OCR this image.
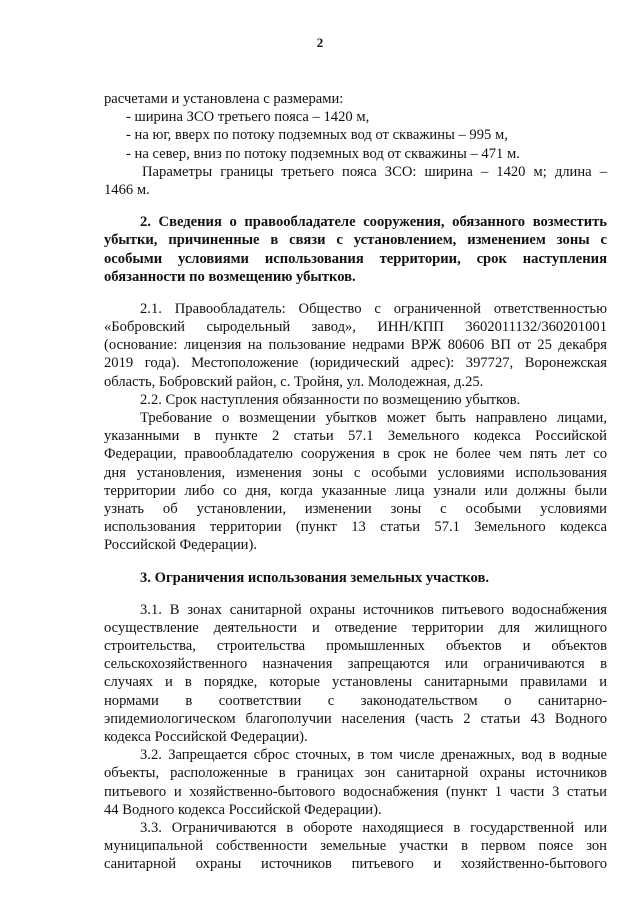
2
расчетами и установлена с размерами:
- ширина ЗСО третьего пояса – 1420 м,
- на юг, вверх по потоку подземных вод от скважины – 995 м,
- на север, вниз по потоку подземных вод от скважины – 471 м.
Параметры границы третьего пояса ЗСО: ширина – 1420 м; длина –
1466 м.
2. Сведения о правообладателе сооружения, обязанного возместить
убытки, причиненные в связи с установлением, изменением зоны с
особыми условиями использования территории, срок наступления
обязанности по возмещению убытков.
2.1. Правообладатель: Общество с ограниченной ответственностью
«Бобровский сыродельный завод», ИНН/КПП 3602011132/360201001
(основание: лицензия на пользование недрами ВРЖ 80606 ВП от 25 декабря
2019 года). Местоположение (юридический адрес): 397727, Воронежская
область, Бобровский район, с. Тройня, ул. Молодежная, д.25.
2.2. Срок наступления обязанности по возмещению убытков.
Требование о возмещении убытков может быть направлено лицами,
указанными в пункте 2 статьи 57.1 Земельного кодекса Российской
Федерации, правообладателю сооружения в срок не более чем пять лет со
дня установления, изменения зоны с особыми условиями использования
территории либо со дня, когда указанные лица узнали или должны были
узнать об установлении, изменении зоны с особыми условиями
использования территории (пункт 13 статьи 57.1 Земельного кодекса
Российской Федерации).
3. Ограничения использования земельных участков.
3.1. В зонах санитарной охраны источников питьевого водоснабжения
осуществление деятельности и отведение территории для жилищного
строительства, строительства промышленных объектов и объектов
сельскохозяйственного назначения запрещаются или ограничиваются в
случаях и в порядке, которые установлены санитарными правилами и
нормами в соответствии с законодательством о санитарно-
эпидемиологическом благополучии населения (часть 2 статьи 43 Водного
кодекса Российской Федерации).
3.2. Запрещается сброс сточных, в том числе дренажных, вод в водные
объекты, расположенные в границах зон санитарной охраны источников
питьевого и хозяйственно-бытового водоснабжения (пункт 1 части 3 статьи
44 Водного кодекса Российской Федерации).
3.3. Ограничиваются в обороте находящиеся в государственной или
муниципальной собственности земельные участки в первом поясе зон
санитарной охраны источников питьевого и хозяйственно-бытового
